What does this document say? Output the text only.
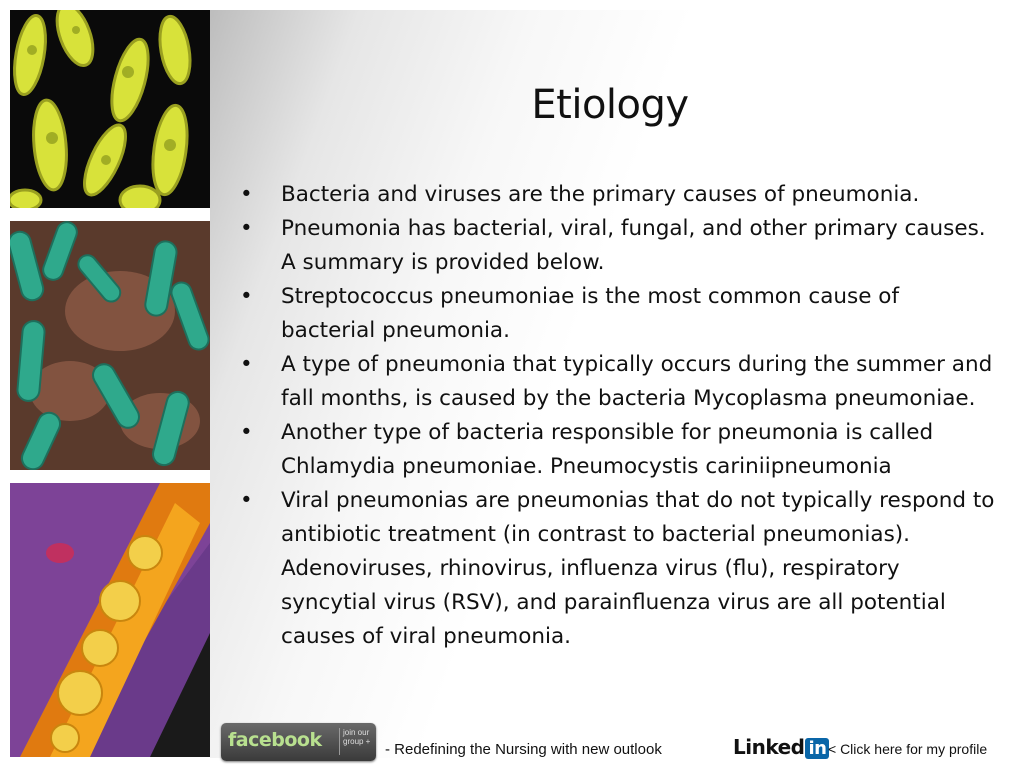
Etiology
• Bacteria and viruses are the primary causes of pneumonia.
• Pneumonia has bacterial, viral, fungal, and other primary causes. A summary is provided below.
• Streptococcus pneumoniae is the most common cause of bacterial pneumonia.
• A type of pneumonia that typically occurs during the summer and fall months, is caused by the bacteria Mycoplasma pneumoniae.
• Another type of bacteria responsible for pneumonia is called Chlamydia pneumoniae. Pneumocystis cariniipneumonia
• Viral pneumonias are pneumonias that do not typically respond to antibiotic treatment (in contrast to bacterial pneumonias). Adenoviruses, rhinovirus, influenza virus (flu), respiratory syncytial virus (RSV), and parainfluenza virus are all potential causes of viral pneumonia.
facebook	join our group + - Redefining the Nursing with new outlook	Linked in < Click here for my profile
